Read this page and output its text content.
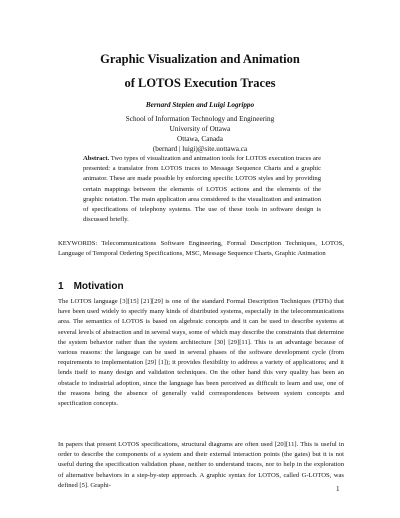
Graphic Visualization and Animation
of LOTOS Execution Traces
Bernard Stepien and Luigi Logrippo
School of Information Technology and Engineering
University of Ottawa
Ottawa, Canada
(bernard | luigi)@site.uottawa.ca
Abstract. Two types of visualization and animation tools for LOTOS execution traces are presented: a translator from LOTOS traces to Message Sequence Charts and a graphic animator. These are made possible by enforcing specific LOTOS styles and by providing certain mappings between the elements of LOTOS actions and the elements of the graphic notation. The main application area considered is the visualization and animation of specifications of telephony systems. The use of these tools in software design is discussed briefly.
KEYWORDS: Telecommunications Software Engineering, Formal Description Techniques, LOTOS, Language of Temporal Ordering Specifications, MSC, Message Sequence Charts, Graphic Animation
1 Motivation
The LOTOS language [3][15] [21][29] is one of the standard Formal Description Techniques (FDTs) that have been used widely to specify many kinds of distributed systems, especially in the telecommunications area. The semantics of LOTOS is based on algebraic concepts and it can be used to describe systems at several levels of abstraction and in several ways, some of which may describe the constraints that determine the system behavior rather than the system architecture [30] [29][11]. This is an advantage because of various reasons: the language can be used in several phases of the software development cycle (from requirements to implementation [29] [1]); it provides flexibility to address a variety of applications; and it lends itself to many design and validation techniques. On the other hand this very quality has been an obstacle to industrial adoption, since the language has been perceived as difficult to learn and use, one of the reasons being the absence of generally valid correspondences between system concepts and specification concepts.
In papers that present LOTOS specifications, structural diagrams are often used [20][11]. This is useful in order to describe the components of a system and their external interaction points (the gates) but it is not useful during the specification validation phase, neither to understand traces, nor to help in the exploration of alternative behaviors in a step-by-step approach. A graphic syntax for LOTOS, called G-LOTOS, was defined [5]. Graphi-	1
